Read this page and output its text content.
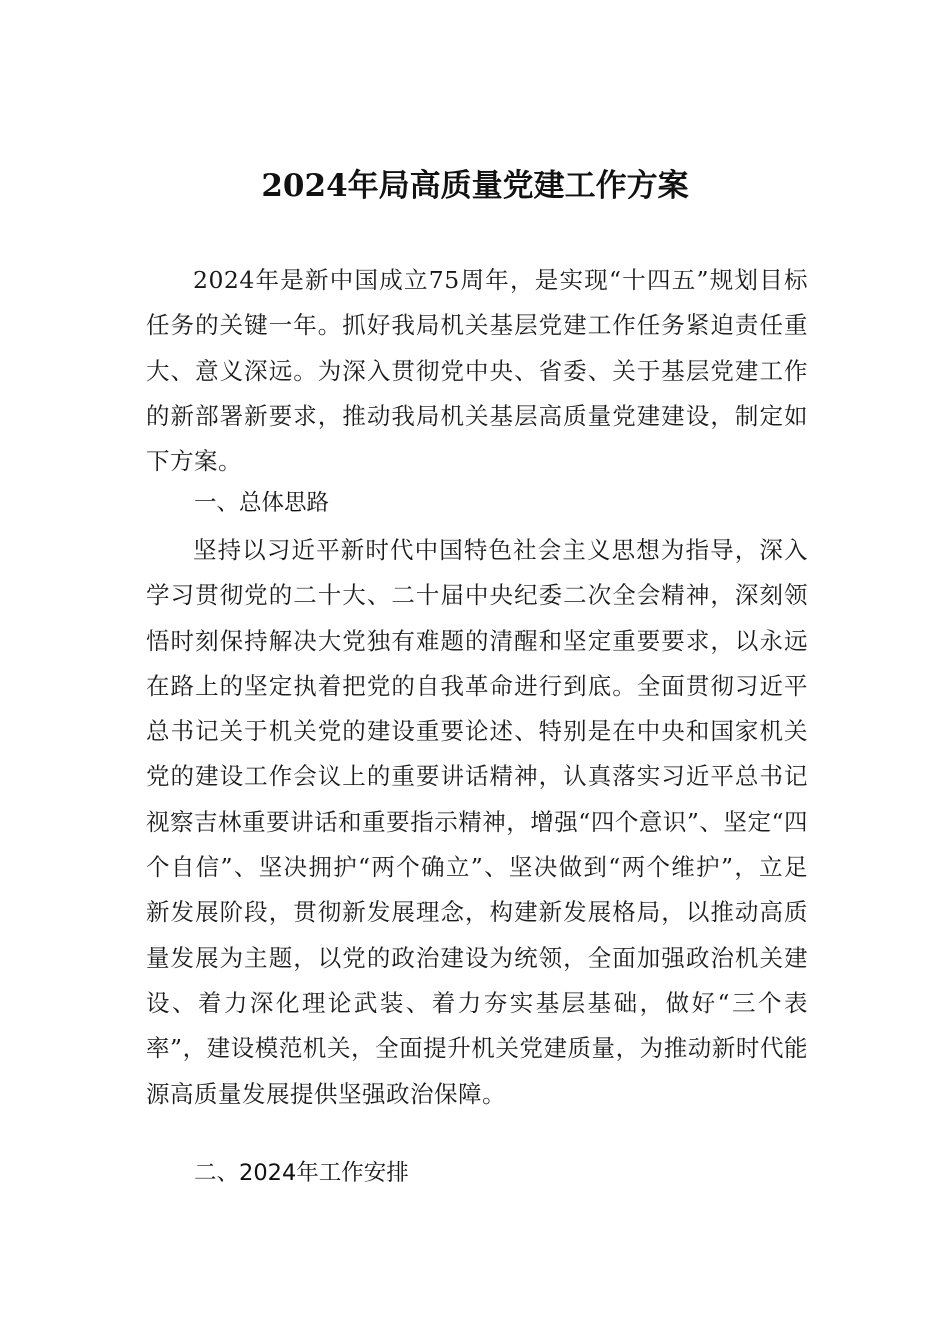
2024年局高质量党建工作方案

2024年是新中国成立75周年，是实现“十四五”规划目标任务的关键一年。抓好我局机关基层党建工作任务紧迫责任重大、意义深远。为深入贯彻党中央、省委、关于基层党建工作的新部署新要求，推动我局机关基层高质量党建建设，制定如下方案。

一、总体思路

坚持以习近平新时代中国特色社会主义思想为指导，深入学习贯彻党的二十大、二十届中央纪委二次全会精神，深刻领悟时刻保持解决大党独有难题的清醒和坚定重要要求，以永远在路上的坚定执着把党的自我革命进行到底。全面贯彻习近平总书记关于机关党的建设重要论述、特别是在中央和国家机关党的建设工作会议上的重要讲话精神，认真落实习近平总书记视察吉林重要讲话和重要指示精神，增强“四个意识”、坚定“四个自信”、坚决拥护“两个确立”、坚决做到“两个维护”，立足新发展阶段，贯彻新发展理念，构建新发展格局，以推动高质量发展为主题，以党的政治建设为统领，全面加强政治机关建设、着力深化理论武装、着力夯实基层基础，做好“三个表率”，建设模范机关，全面提升机关党建质量，为推动新时代能源高质量发展提供坚强政治保障。

二、2024年工作安排
